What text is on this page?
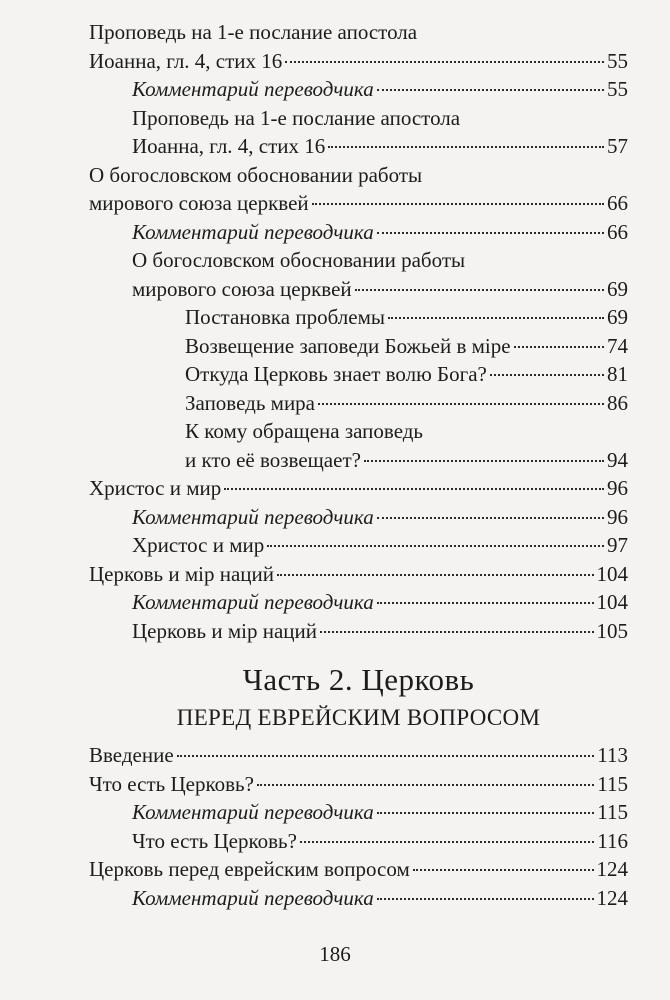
Проповедь на 1-е послание апостола
Иоанна, гл. 4, стих 16	55
Комментарий переводчика	55
Проповедь на 1-е послание апостола
Иоанна, гл. 4, стих 16	57
О богословском обосновании работы
мирового союза церквей	66
Комментарий переводчика	66
О богословском обосновании работы
мирового союза церквей	69
Постановка проблемы	69
Возвещение заповеди Божьей в міре	74
Откуда Церковь знает волю Бога?	81
Заповедь мира	86
К кому обращена заповедь
и кто её возвещает?	94
Христос и мир	96
Комментарий переводчика	96
Христос и мир	97
Церковь и мір наций	104
Комментарий переводчика	104
Церковь и мір наций	105
Часть 2. Церковь
ПЕРЕД ЕВРЕЙСКИМ ВОПРОСОМ
Введение	113
Что есть Церковь?	115
Комментарий переводчика	115
Что есть Церковь?	116
Церковь перед еврейским вопросом	124
Комментарий переводчика	124
186
